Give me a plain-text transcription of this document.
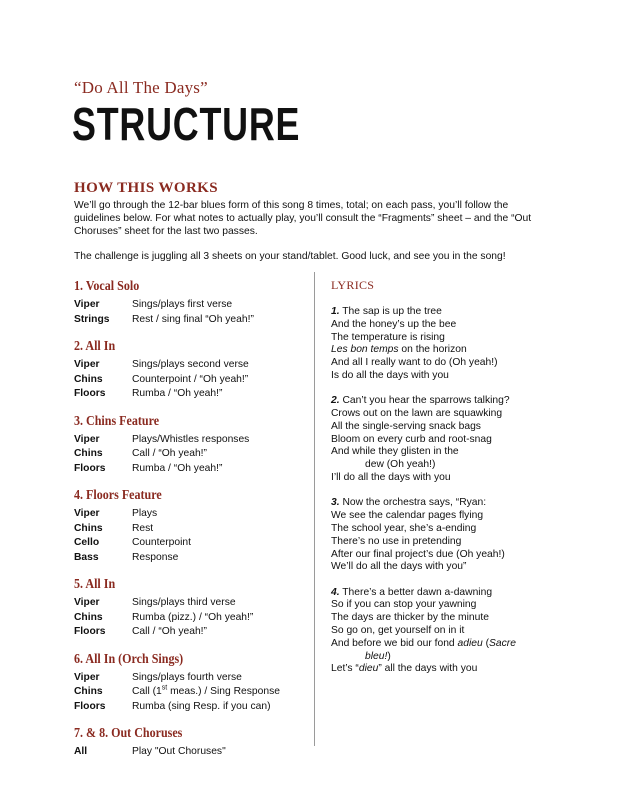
“Do All The Days”
STRUCTURE
HOW THIS WORKS

We’ll go through the 12-bar blues form of this song 8 times, total; on each pass, you’ll follow the guidelines below. For what notes to actually play, you’ll consult the “Fragments” sheet – and the “Out Choruses” sheet for the last two passes.

The challenge is juggling all 3 sheets on your stand/tablet. Good luck, and see you in the song!

1. Vocal Solo
Viper	Sings/plays first verse
Strings	Rest / sing final “Oh yeah!”
2. All In
Viper	Sings/plays second verse
Chins	Counterpoint / “Oh yeah!”
Floors	Rumba / “Oh yeah!”
3. Chins Feature
Viper	Plays/Whistles responses
Chins	Call / “Oh yeah!”
Floors	Rumba / “Oh yeah!”
4. Floors Feature
Viper	Plays
Chins	Rest
Cello	Counterpoint
Bass	Response
5. All In
Viper	Sings/plays third verse
Chins	Rumba (pizz.) / “Oh yeah!”
Floors	Call / “Oh yeah!”
6. All In (Orch Sings)
Viper	Sings/plays fourth verse
Chins	Call (1st meas.) / Sing Response
Floors	Rumba (sing Resp. if you can)
7. & 8. Out Choruses
All	Play "Out Choruses"
LYRICS
1. The sap is up the tree
And the honey’s up the bee
The temperature is rising
Les bon temps on the horizon
And all I really want to do (Oh yeah!)
Is do all the days with you
2. Can’t you hear the sparrows talking?
Crows out on the lawn are squawking
All the single-serving snack bags
Bloom on every curb and root-snag
And while they glisten in the
dew (Oh yeah!)
I’ll do all the days with you
3. Now the orchestra says, “Ryan:
We see the calendar pages flying
The school year, she’s a-ending
There’s no use in pretending
After our final project’s due (Oh yeah!)
We’ll do all the days with you”
4. There’s a better dawn a-dawning
So if you can stop your yawning
The days are thicker by the minute
So go on, get yourself on in it
And before we bid our fond adieu (Sacre
bleu!)
Let’s “dieu” all the days with you
